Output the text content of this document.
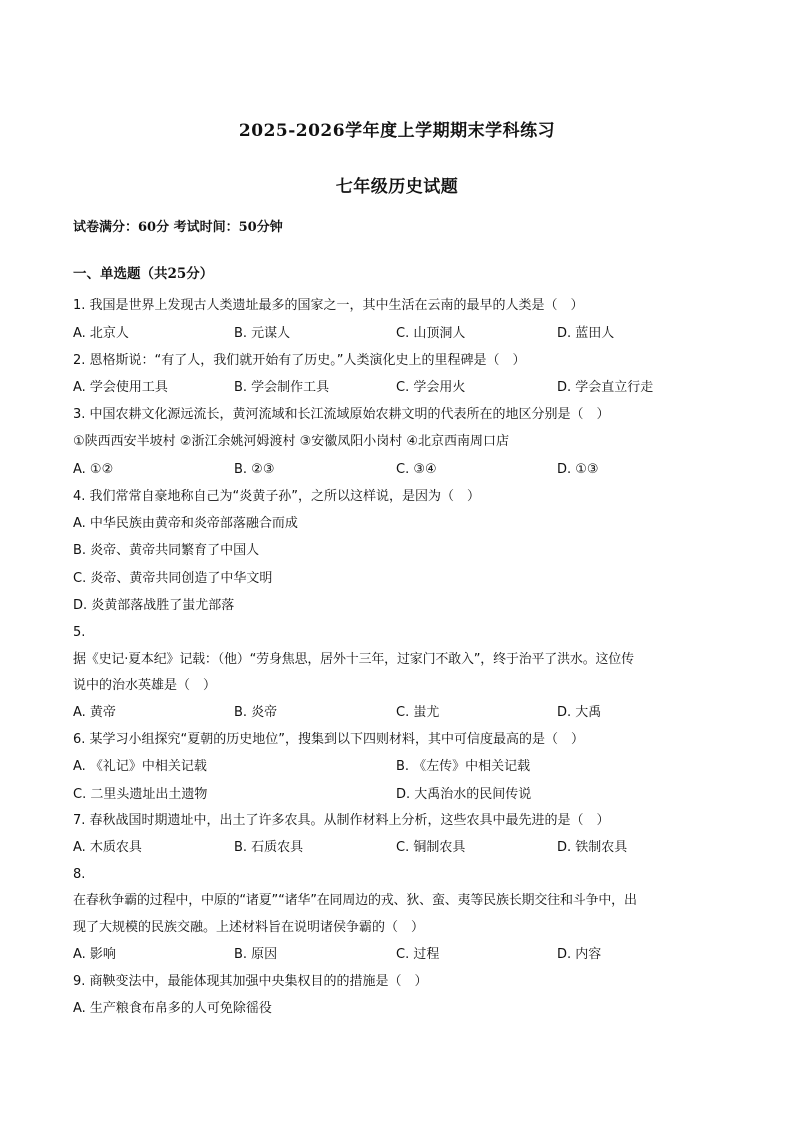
2025-2026学年度上学期期末学科练习
七年级历史试题
试卷满分：60分 考试时间：50分钟
一、单选题（共25分）
1. 我国是世界上发现古人类遗址最多的国家之一，其中生活在云南的最早的人类是（　）
A. 北京人	B. 元谋人	C. 山顶洞人	D. 蓝田人
2. 恩格斯说：“有了人，我们就开始有了历史。”人类演化史上的里程碑是（　）
A. 学会使用工具	B. 学会制作工具	C. 学会用火	D. 学会直立行走
3. 中国农耕文化源远流长，黄河流域和长江流域原始农耕文明的代表所在的地区分别是（　）
①陕西西安半坡村 ②浙江余姚河姆渡村 ③安徽凤阳小岗村 ④北京西南周口店
A. ①②	B. ②③	C. ③④	D. ①③
4. 我们常常自豪地称自己为“炎黄子孙”，之所以这样说，是因为（　）
A. 中华民族由黄帝和炎帝部落融合而成
B. 炎帝、黄帝共同繁育了中国人
C. 炎帝、黄帝共同创造了中华文明
D. 炎黄部落战胜了蚩尤部落
5.
据《史记·夏本纪》记载：（他）“劳身焦思，居外十三年，过家门不敢入”，终于治平了洪水。这位传
说中的治水英雄是（　）
A. 黄帝	B. 炎帝	C. 蚩尤	D. 大禹
6. 某学习小组探究“夏朝的历史地位”，搜集到以下四则材料，其中可信度最高的是（　）
A. 《礼记》中相关记载	B. 《左传》中相关记载
C. 二里头遗址出土遗物	D. 大禹治水的民间传说
7. 春秋战国时期遗址中，出土了许多农具。从制作材料上分析，这些农具中最先进的是（　）
A. 木质农具	B. 石质农具	C. 铜制农具	D. 铁制农具
8.
在春秋争霸的过程中，中原的“诸夏”“诸华”在同周边的戎、狄、蛮、夷等民族长期交往和斗争中，出
现了大规模的民族交融。上述材料旨在说明诸侯争霸的（　）
A. 影响	B. 原因	C. 过程	D. 内容
9. 商鞅变法中，最能体现其加强中央集权目的的措施是（　）
A. 生产粮食布帛多的人可免除徭役
